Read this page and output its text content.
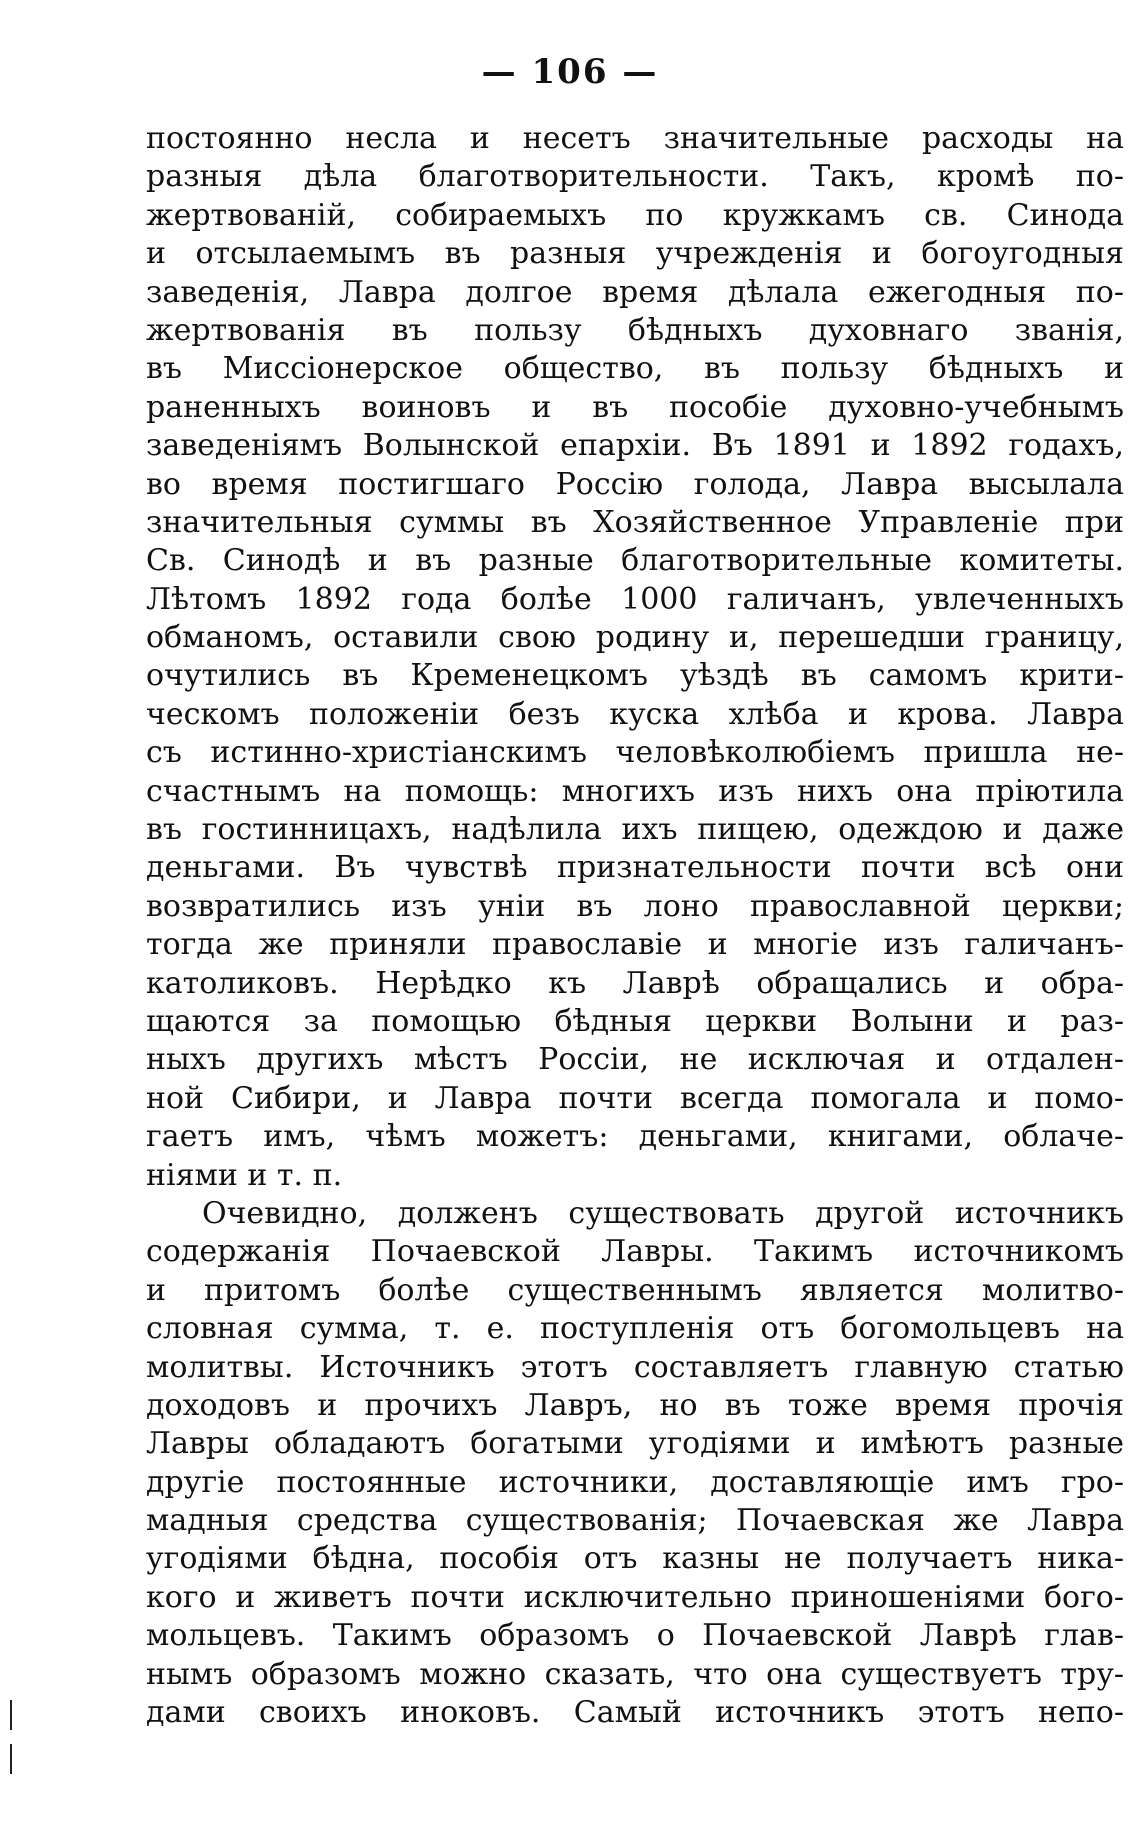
— 106 —
постоянно несла и несетъ значительные расходы на
разныя дѣла благотворительности. Такъ, кромѣ по-
жертвованій, собираемыхъ по кружкамъ св. Синода
и отсылаемымъ въ разныя учрежденія и богоугодныя
заведенія, Лавра долгое время дѣлала ежегодныя по-
жертвованія въ пользу бѣдныхъ духовнаго званія,
въ Миссіонерское общество, въ пользу бѣдныхъ и
раненныхъ воиновъ и въ пособіе духовно-учебнымъ
заведеніямъ Волынской епархіи. Въ 1891 и 1892 годахъ,
во время постигшаго Россію голода, Лавра высылала
значительныя суммы въ Хозяйственное Управленіе при
Св. Синодѣ и въ разные благотворительные комитеты.
Лѣтомъ 1892 года болѣе 1000 галичанъ, увлеченныхъ
обманомъ, оставили свою родину и, перешедши границу,
очутились въ Кременецкомъ уѣздѣ въ самомъ крити-
ческомъ положеніи безъ куска хлѣба и крова. Лавра
съ истинно-христіанскимъ человѣколюбіемъ пришла не-
счастнымъ на помощь: многихъ изъ нихъ она пріютила
въ гостинницахъ, надѣлила ихъ пищею, одеждою и даже
деньгами. Въ чувствѣ признательности почти всѣ они
возвратились изъ уніи въ лоно православной церкви;
тогда же приняли православіе и многіе изъ галичанъ-
католиковъ. Нерѣдко къ Лаврѣ обращались и обра-
щаются за помощью бѣдныя церкви Волыни и раз-
ныхъ другихъ мѣстъ Россіи, не исключая и отдален-
ной Сибири, и Лавра почти всегда помогала и помо-
гаетъ имъ, чѣмъ можетъ: деньгами, книгами, облаче-
ніями и т. п.
Очевидно, долженъ существовать другой источникъ
содержанія Почаевской Лавры. Такимъ источникомъ
и притомъ болѣе существеннымъ является молитво-
словная сумма, т. е. поступленія отъ богомольцевъ на
молитвы. Источникъ этотъ составляетъ главную статью
доходовъ и прочихъ Лавръ, но въ тоже время прочія
Лавры обладаютъ богатыми угодіями и имѣютъ разные
другіе постоянные источники, доставляющіе имъ гро-
мадныя средства существованія; Почаевская же Лавра
угодіями бѣдна, пособія отъ казны не получаетъ ника-
кого и живетъ почти исключительно приношеніями бого-
мольцевъ. Такимъ образомъ о Почаевской Лаврѣ глав-
нымъ образомъ можно сказать, что она существуетъ тру-
дами своихъ иноковъ. Самый источникъ этотъ непо-
